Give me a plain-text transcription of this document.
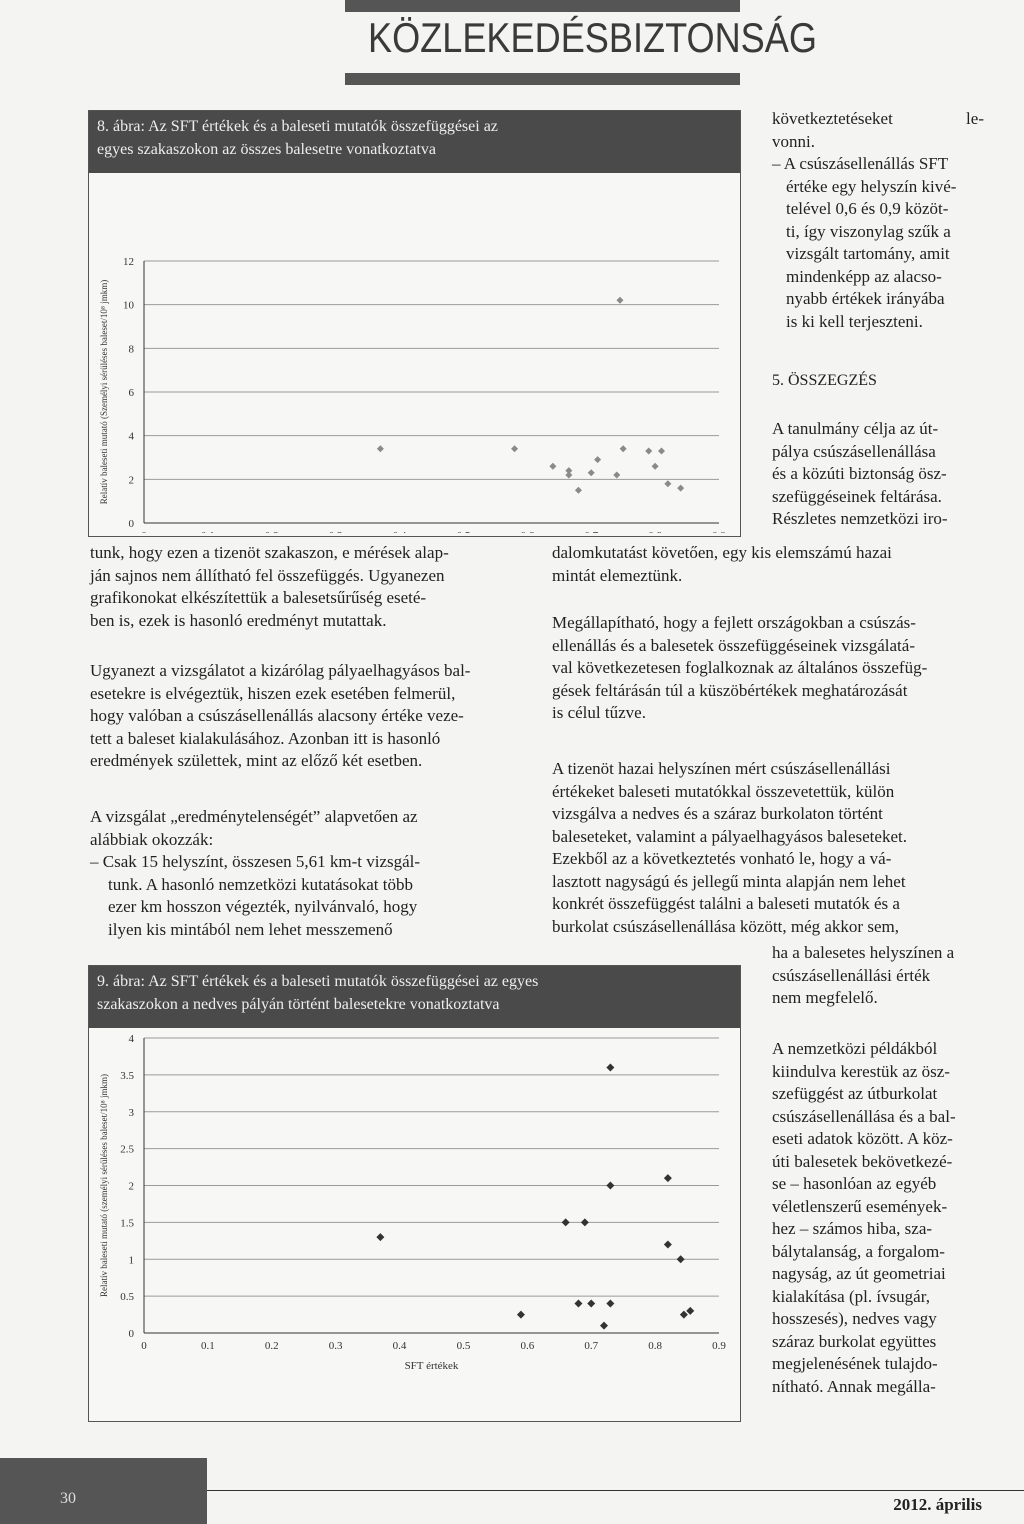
KÖZLEKEDÉSBIZTONSÁG
8. ábra: Az SFT értékek és a baleseti mutatók összefüggései az
egyes szakaszokon az összes balesetre vonatkoztatva
0
2
4
6
8
10
12
Relatív baleseti mutató (Személyi sérüléses baleset/10⁸ jmkm)
9. ábra: Az SFT értékek és a baleseti mutatók összefüggései az egyes
szakaszokon a nedves pályán történt balesetekre vonatkoztatva
0
0.5
1
1.5
2
2.5
3
3.5
4
0	0.1	0.2	0.3	0.4	0.5	0.6	0.7	0.8	0.9
SFT értékek
Relatív baleseti mutató (személyi sérüléses baleset/10⁸ jmkm)
következtetéseket le-
vonni.
– A csúszásellenállás SFT
értéke egy helyszín kivé-
telével 0,6 és 0,9 közöt-
ti, így viszonylag szűk a
vizsgált tartomány, amit
mindenképp az alacso-
nyabb értékek irányába
is ki kell terjeszteni.
5. ÖSSZEGZÉS
A tanulmány célja az út-
pálya csúszásellenállása
és a közúti biztonság ösz-
szefüggéseinek feltárása.
Részletes nemzetközi iro-
tunk, hogy ezen a tizenöt szakaszon, e mérések alap-
ján sajnos nem állítható fel összefüggés. Ugyanezen
grafikonokat elkészítettük a balesetsűrűség eseté-
ben is, ezek is hasonló eredményt mutattak.
Ugyanezt a vizsgálatot a kizárólag pályaelhagyásos bal-
esetekre is elvégeztük, hiszen ezek esetében felmerül,
hogy valóban a csúszásellenállás alacsony értéke veze-
tett a baleset kialakulásához. Azonban itt is hasonló
eredmények születtek, mint az előző két esetben.
A vizsgálat „eredménytelenségét” alapvetően az
alábbiak okozzák:
– Csak 15 helyszínt, összesen 5,61 km-t vizsgál-
tunk. A hasonló nemzetközi kutatásokat több
ezer km hosszon végezték, nyilvánvaló, hogy
ilyen kis mintából nem lehet messzemenő
dalomkutatást követően, egy kis elemszámú hazai
mintát elemeztünk.
Megállapítható, hogy a fejlett országokban a csúszás-
ellenállás és a balesetek összefüggéseinek vizsgálatá-
val következetesen foglalkoznak az általános összefüg-
gések feltárásán túl a küszöbértékek meghatározását
is célul tűzve.
A tizenöt hazai helyszínen mért csúszásellenállási
értékeket baleseti mutatókkal összevetettük, külön
vizsgálva a nedves és a száraz burkolaton történt
baleseteket, valamint a pályaelhagyásos baleseteket.
Ezekből az a következtetés vonható le, hogy a vá-
lasztott nagyságú és jellegű minta alapján nem lehet
konkrét összefüggést találni a baleseti mutatók és a
burkolat csúszásellenállása között, még akkor sem,
ha a balesetes helyszínen a
csúszásellenállási érték
nem megfelelő.
A nemzetközi példákból
kiindulva kerestük az ösz-
szefüggést az útburkolat
csúszásellenállása és a bal-
eseti adatok között. A köz-
úti balesetek bekövetkezé-
se – hasonlóan az egyéb
véletlenszerű események-
hez – számos hiba, sza-
bálytalanság, a forgalom-
nagyság, az út geometriai
kialakítása (pl. ívsugár,
hosszesés), nedves vagy
száraz burkolat együttes
megjelenésének tulajdo-
nítható. Annak megálla-
30	2012. április
